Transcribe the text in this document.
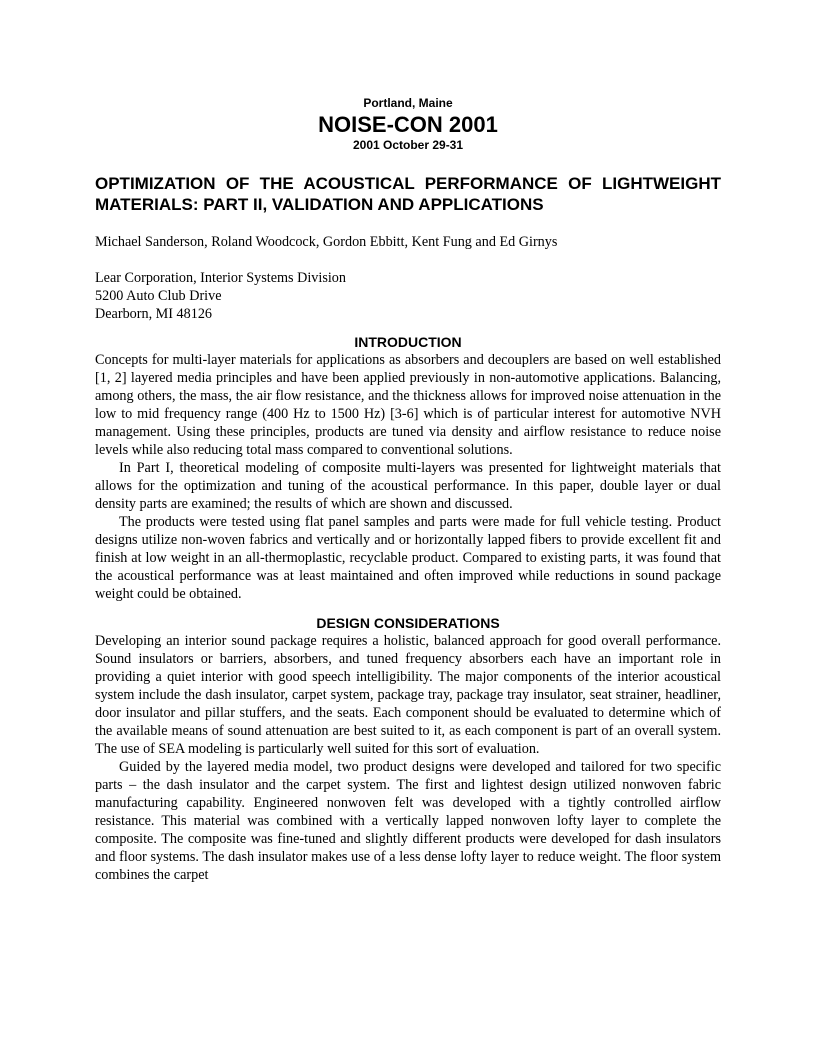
Portland, Maine
NOISE-CON 2001
2001 October 29-31
OPTIMIZATION OF THE ACOUSTICAL PERFORMANCE OF LIGHTWEIGHT MATERIALS: PART II, VALIDATION AND APPLICATIONS
Michael Sanderson, Roland Woodcock, Gordon Ebbitt, Kent Fung and Ed Girnys
Lear Corporation, Interior Systems Division
5200 Auto Club Drive
Dearborn, MI 48126
INTRODUCTION

Concepts for multi-layer materials for applications as absorbers and decouplers are based on well established [1, 2] layered media principles and have been applied previously in non-automotive applications. Balancing, among others, the mass, the air flow resistance, and the thickness allows for improved noise attenuation in the low to mid frequency range (400 Hz to 1500 Hz) [3-6] which is of particular interest for automotive NVH management. Using these principles, products are tuned via density and airflow resistance to reduce noise levels while also reducing total mass compared to conventional solutions.

In Part I, theoretical modeling of composite multi-layers was presented for lightweight materials that allows for the optimization and tuning of the acoustical performance. In this paper, double layer or dual density parts are examined; the results of which are shown and discussed.

The products were tested using flat panel samples and parts were made for full vehicle testing. Product designs utilize non-woven fabrics and vertically and or horizontally lapped fibers to provide excellent fit and finish at low weight in an all-thermoplastic, recyclable product. Compared to existing parts, it was found that the acoustical performance was at least maintained and often improved while reductions in sound package weight could be obtained.

DESIGN CONSIDERATIONS

Developing an interior sound package requires a holistic, balanced approach for good overall performance. Sound insulators or barriers, absorbers, and tuned frequency absorbers each have an important role in providing a quiet interior with good speech intelligibility. The major components of the interior acoustical system include the dash insulator, carpet system, package tray, package tray insulator, seat strainer, headliner, door insulator and pillar stuffers, and the seats. Each component should be evaluated to determine which of the available means of sound attenuation are best suited to it, as each component is part of an overall system. The use of SEA modeling is particularly well suited for this sort of evaluation.

Guided by the layered media model, two product designs were developed and tailored for two specific parts – the dash insulator and the carpet system. The first and lightest design utilized nonwoven fabric manufacturing capability. Engineered nonwoven felt was developed with a tightly controlled airflow resistance. This material was combined with a vertically lapped nonwoven lofty layer to complete the composite. The composite was fine-tuned and slightly different products were developed for dash insulators and floor systems. The dash insulator makes use of a less dense lofty layer to reduce weight. The floor system combines the carpet
